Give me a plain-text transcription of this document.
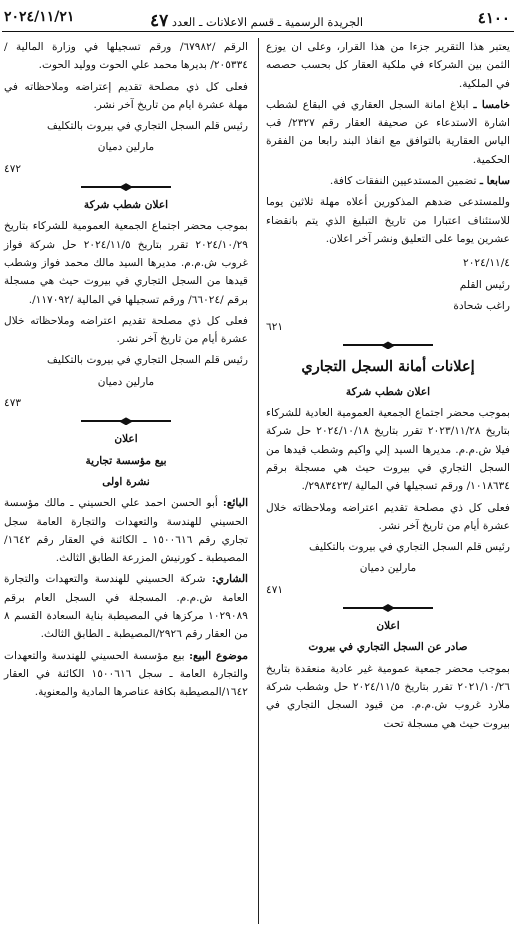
٢٠٢٤/١١/٢١	الجريدة الرسمية ـ قسم الاعلانات ـ العدد ٤٧	٤١٠٠

يعتبر هذا التقرير جزءا من هذا القرار، وعلى ان يوزع الثمن بين الشركاء في ملكية العقار كل بحسب حصصه في الملكية.

خامسا ـ ابلاغ امانة السجل العقاري في البقاع لشطب اشارة الاستدعاء عن صحيفة العقار رقم ٢٣٢٧/ قب الياس العقارية بالتوافق مع انفاذ البند رابعا من الفقرة الحكمية.

سابعا ـ تضمين المستدعيين النفقات كافة.

وللمستدعى ضدهم المذكورين أعلاه مهلة ثلاثين يوما للاستئناف اعتبارا من تاريخ التبليغ الذي يتم بانقضاء عشرين يوما على التعليق ونشر آخر اعلان.

٢٠٢٤/١١/٤

رئيس القلم

راغب شحادة

٦٢١

إعلانات أمانة السجل التجاري

اعلان شطب شركة

بموجب محضر اجتماع الجمعية العمومية العادية للشركاء بتاريخ ٢٠٢٣/١١/٢٨ تقرر بتاريخ ٢٠٢٤/١٠/١٨ حل شركة فيلا ش.م.م. مديرها السيد إلي واكيم وشطب قيدها من السجل التجاري في بيروت حيث هي مسجلة برقم ١٠١٨٦٣٤/ ورقم تسجيلها في المالية /٢٩٨٣٤٢٣/.

فعلى كل ذي مصلحة تقديم اعتراضه وملاحظاته خلال عشرة أيام من تاريخ آخر نشر.

رئيس قلم السجل التجاري في بيروت بالتكليف

مارلين دميان

٤٧١

اعلان

صادر عن السجل التجاري في بيروت

بموجب محضر جمعية عمومية غير عادية منعقدة بتاريخ ٢٠٢١/١٠/٢٦ تقرر بتاريخ ٢٠٢٤/١١/٥ حل وشطب شركة ملارد غروب ش.م.م. من قيود السجل التجاري في بيروت حيث هي مسجلة تحت

الرقم /٦٧٩٨٢/ ورقم تسجيلها في وزارة المالية /٢٠٥٣٣٤/ بديرها محمد علي الحوت ووليد الحوت.

فعلى كل ذي مصلحة تقديم إعتراضه وملاحظاته في مهلة عشرة ايام من تاريخ آخر نشر.

رئيس قلم السجل التجاري في بيروت بالتكليف

مارلين دميان

٤٧٢

اعلان شطب شركة

بموجب محضر اجتماع الجمعية العمومية للشركاء بتاريخ ٢٠٢٤/١٠/٢٩ تقرر بتاريخ ٢٠٢٤/١١/٥ حل شركة فواز غروب ش.م.م. مديرها السيد مالك محمد فواز وشطب قيدها من السجل التجاري في بيروت حيث هي مسجلة برقم /٦٦٠٢٤/ ورقم تسجيلها في المالية /١١٧٠٩٢/.

فعلى كل ذي مصلحة تقديم اعتراضه وملاحظاته خلال عشرة أيام من تاريخ آخر نشر.

رئيس قلم السجل التجاري في بيروت بالتكليف

مارلين دميان

٤٧٣

اعلان

بيع مؤسسة تجارية

نشرة اولى

البائع: أبو الحسن احمد علي الحسيني ـ مالك مؤسسة الحسيني للهندسة والتعهدات والتجارة العامة سجل تجاري رقم ١٥٠٠٦١٦ ـ الكائنة في العقار رقم ١٦٤٢/المصيطبة ـ كورنيش المزرعة الطابق الثالث.

الشاري: شركة الحسيني للهندسة والتعهدات والتجارة العامة ش.م.م. المسجلة في السجل العام برقم ١٠٢٩٠٨٩ مركزها في المصيطبة بناية السعادة القسم ٨ من العقار رقم ٢٩٢٦/المصيطبة ـ الطابق الثالث.

موضوع البيع: بيع مؤسسة الحسيني للهندسة والتعهدات والتجارة العامة ـ سجل ١٥٠٠٦١٦ الكائنة في العقار ١٦٤٢/المصيطبة بكافة عناصرها المادية والمعنوية.
